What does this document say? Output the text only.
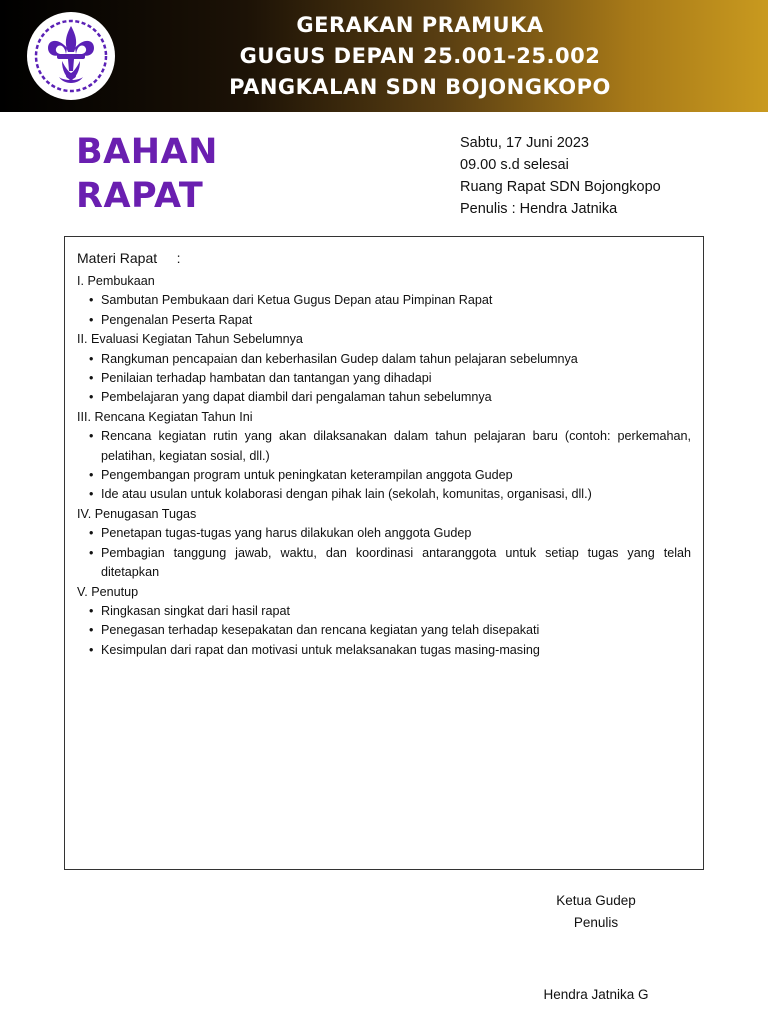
GERAKAN PRAMUKA
GUGUS DEPAN 25.001-25.002
PANGKALAN SDN BOJONGKOPO
BAHAN
RAPAT
Sabtu, 17 Juni 2023
09.00 s.d selesai
Ruang Rapat SDN Bojongkopo
Penulis : Hendra Jatnika
Materi Rapat     :
I. Pembukaan
• Sambutan Pembukaan dari Ketua Gugus Depan atau Pimpinan Rapat
• Pengenalan Peserta Rapat
II. Evaluasi Kegiatan Tahun Sebelumnya
• Rangkuman pencapaian dan keberhasilan Gudep dalam tahun pelajaran sebelumnya
• Penilaian terhadap hambatan dan tantangan yang dihadapi
• Pembelajaran yang dapat diambil dari pengalaman tahun sebelumnya
III. Rencana Kegiatan Tahun Ini
• Rencana kegiatan rutin yang akan dilaksanakan dalam tahun pelajaran baru (contoh: perkemahan, pelatihan, kegiatan sosial, dll.)
• Pengembangan program untuk peningkatan keterampilan anggota Gudep
• Ide atau usulan untuk kolaborasi dengan pihak lain (sekolah, komunitas, organisasi, dll.)
IV. Penugasan Tugas
• Penetapan tugas-tugas yang harus dilakukan oleh anggota Gudep
• Pembagian tanggung jawab, waktu, dan koordinasi antaranggota untuk setiap tugas yang telah ditetapkan
V. Penutup
• Ringkasan singkat dari hasil rapat
• Penegasan terhadap kesepakatan dan rencana kegiatan yang telah disepakati
• Kesimpulan dari rapat dan motivasi untuk melaksanakan tugas masing-masing
Ketua Gudep
Penulis
Hendra Jatnika G
